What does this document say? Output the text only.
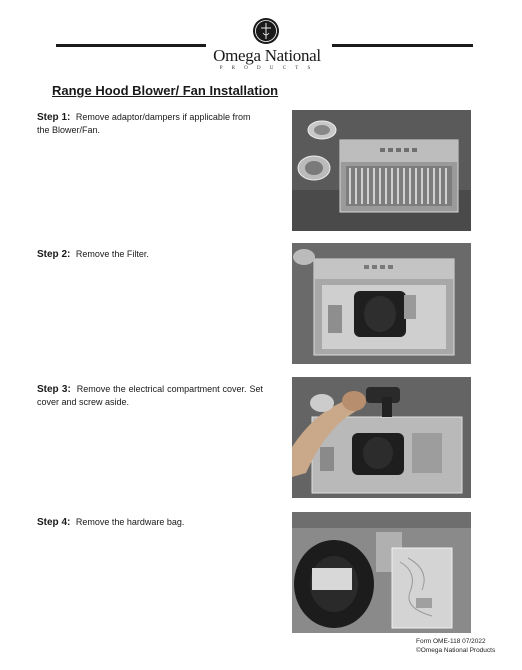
Omega National
P R O D U C T S
Range Hood Blower/ Fan Installation
Step 1: Remove adaptor/dampers if applicable from the Blower/Fan.
Step 2: Remove the Filter.
Step 3: Remove the electrical compartment cover. Set cover and screw aside.
Step 4: Remove the hardware bag.
Form OME-118 07/2022
©Omega National Products
